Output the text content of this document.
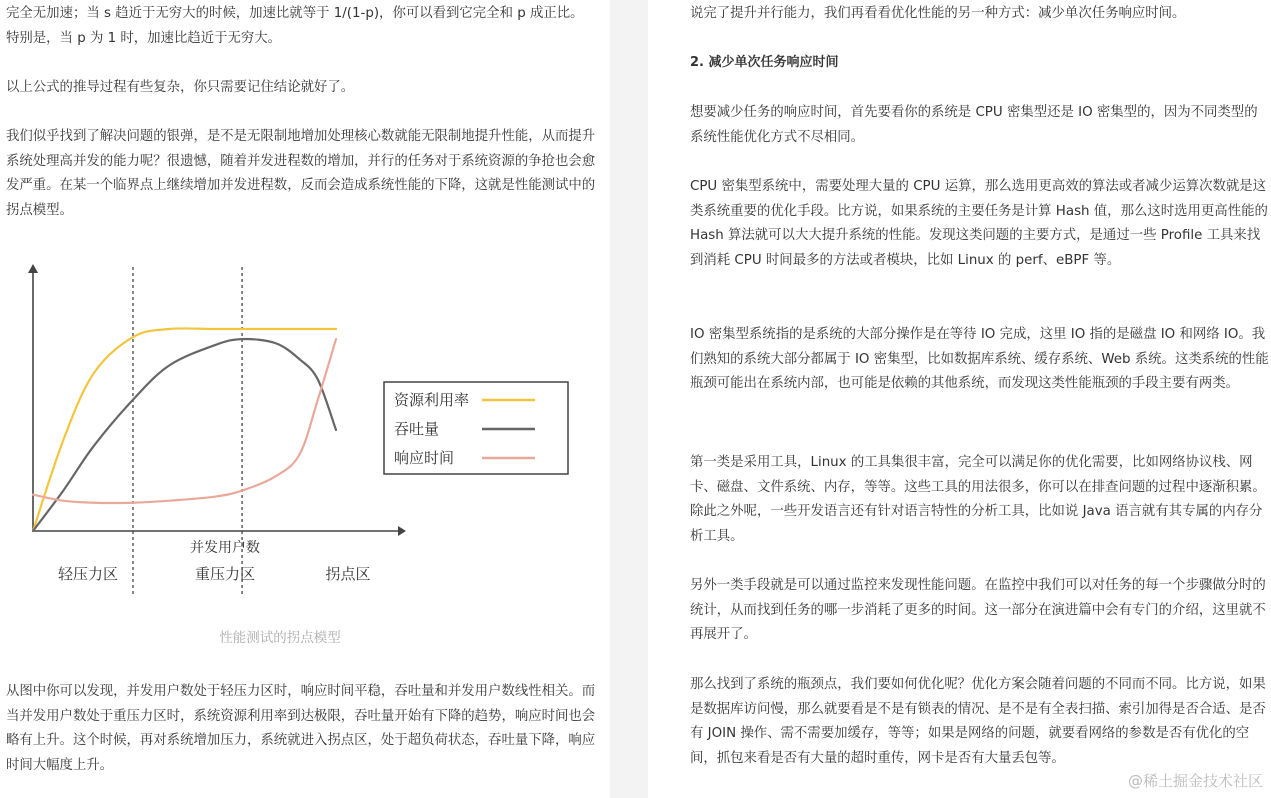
完全无加速；当 s 趋近于无穷大的时候，加速比就等于 1/(1-p)，你可以看到它完全和 p 成正比。特别是，当 p 为 1 时，加速比趋近于无穷大。

以上公式的推导过程有些复杂，你只需要记住结论就好了。

我们似乎找到了解决问题的银弹，是不是无限制地增加处理核心数就能无限制地提升性能，从而提升系统处理高并发的能力呢？很遗憾，随着并发进程数的增加，并行的任务对于系统资源的争抢也会愈发严重。在某一个临界点上继续增加并发进程数，反而会造成系统性能的下降，这就是性能测试中的拐点模型。

并发用户数
轻压力区	重压力区	拐点区
资源利用率
吞吐量
响应时间
性能测试的拐点模型

从图中你可以发现，并发用户数处于轻压力区时，响应时间平稳，吞吐量和并发用户数线性相关。而当并发用户数处于重压力区时，系统资源利用率到达极限，吞吐量开始有下降的趋势，响应时间也会略有上升。这个时候，再对系统增加压力，系统就进入拐点区，处于超负荷状态，吞吐量下降，响应时间大幅度上升。

说完了提升并行能力，我们再看看优化性能的另一种方式：减少单次任务响应时间。

2. 减少单次任务响应时间

想要减少任务的响应时间，首先要看你的系统是 CPU 密集型还是 IO 密集型的，因为不同类型的系统性能优化方式不尽相同。

CPU 密集型系统中，需要处理大量的 CPU 运算，那么选用更高效的算法或者减少运算次数就是这类系统重要的优化手段。比方说，如果系统的主要任务是计算 Hash 值，那么这时选用更高性能的 Hash 算法就可以大大提升系统的性能。发现这类问题的主要方式，是通过一些 Profile 工具来找到消耗 CPU 时间最多的方法或者模块，比如 Linux 的 perf、eBPF 等。

IO 密集型系统指的是系统的大部分操作是在等待 IO 完成，这里 IO 指的是磁盘 IO 和网络 IO。我们熟知的系统大部分都属于 IO 密集型，比如数据库系统、缓存系统、Web 系统。这类系统的性能瓶颈可能出在系统内部，也可能是依赖的其他系统，而发现这类性能瓶颈的手段主要有两类。

第一类是采用工具，Linux 的工具集很丰富，完全可以满足你的优化需要，比如网络协议栈、网卡、磁盘、文件系统、内存，等等。这些工具的用法很多，你可以在排查问题的过程中逐渐积累。除此之外呢，一些开发语言还有针对语言特性的分析工具，比如说 Java 语言就有其专属的内存分析工具。

另外一类手段就是可以通过监控来发现性能问题。在监控中我们可以对任务的每一个步骤做分时的统计，从而找到任务的哪一步消耗了更多的时间。这一部分在演进篇中会有专门的介绍，这里就不再展开了。

那么找到了系统的瓶颈点，我们要如何优化呢？优化方案会随着问题的不同而不同。比方说，如果是数据库访问慢，那么就要看是不是有锁表的情况、是不是有全表扫描、索引加得是否合适、是否有 JOIN 操作、需不需要加缓存，等等；如果是网络的问题，就要看网络的参数是否有优化的空间，抓包来看是否有大量的超时重传，网卡是否有大量丢包等。

@稀土掘金技术社区
